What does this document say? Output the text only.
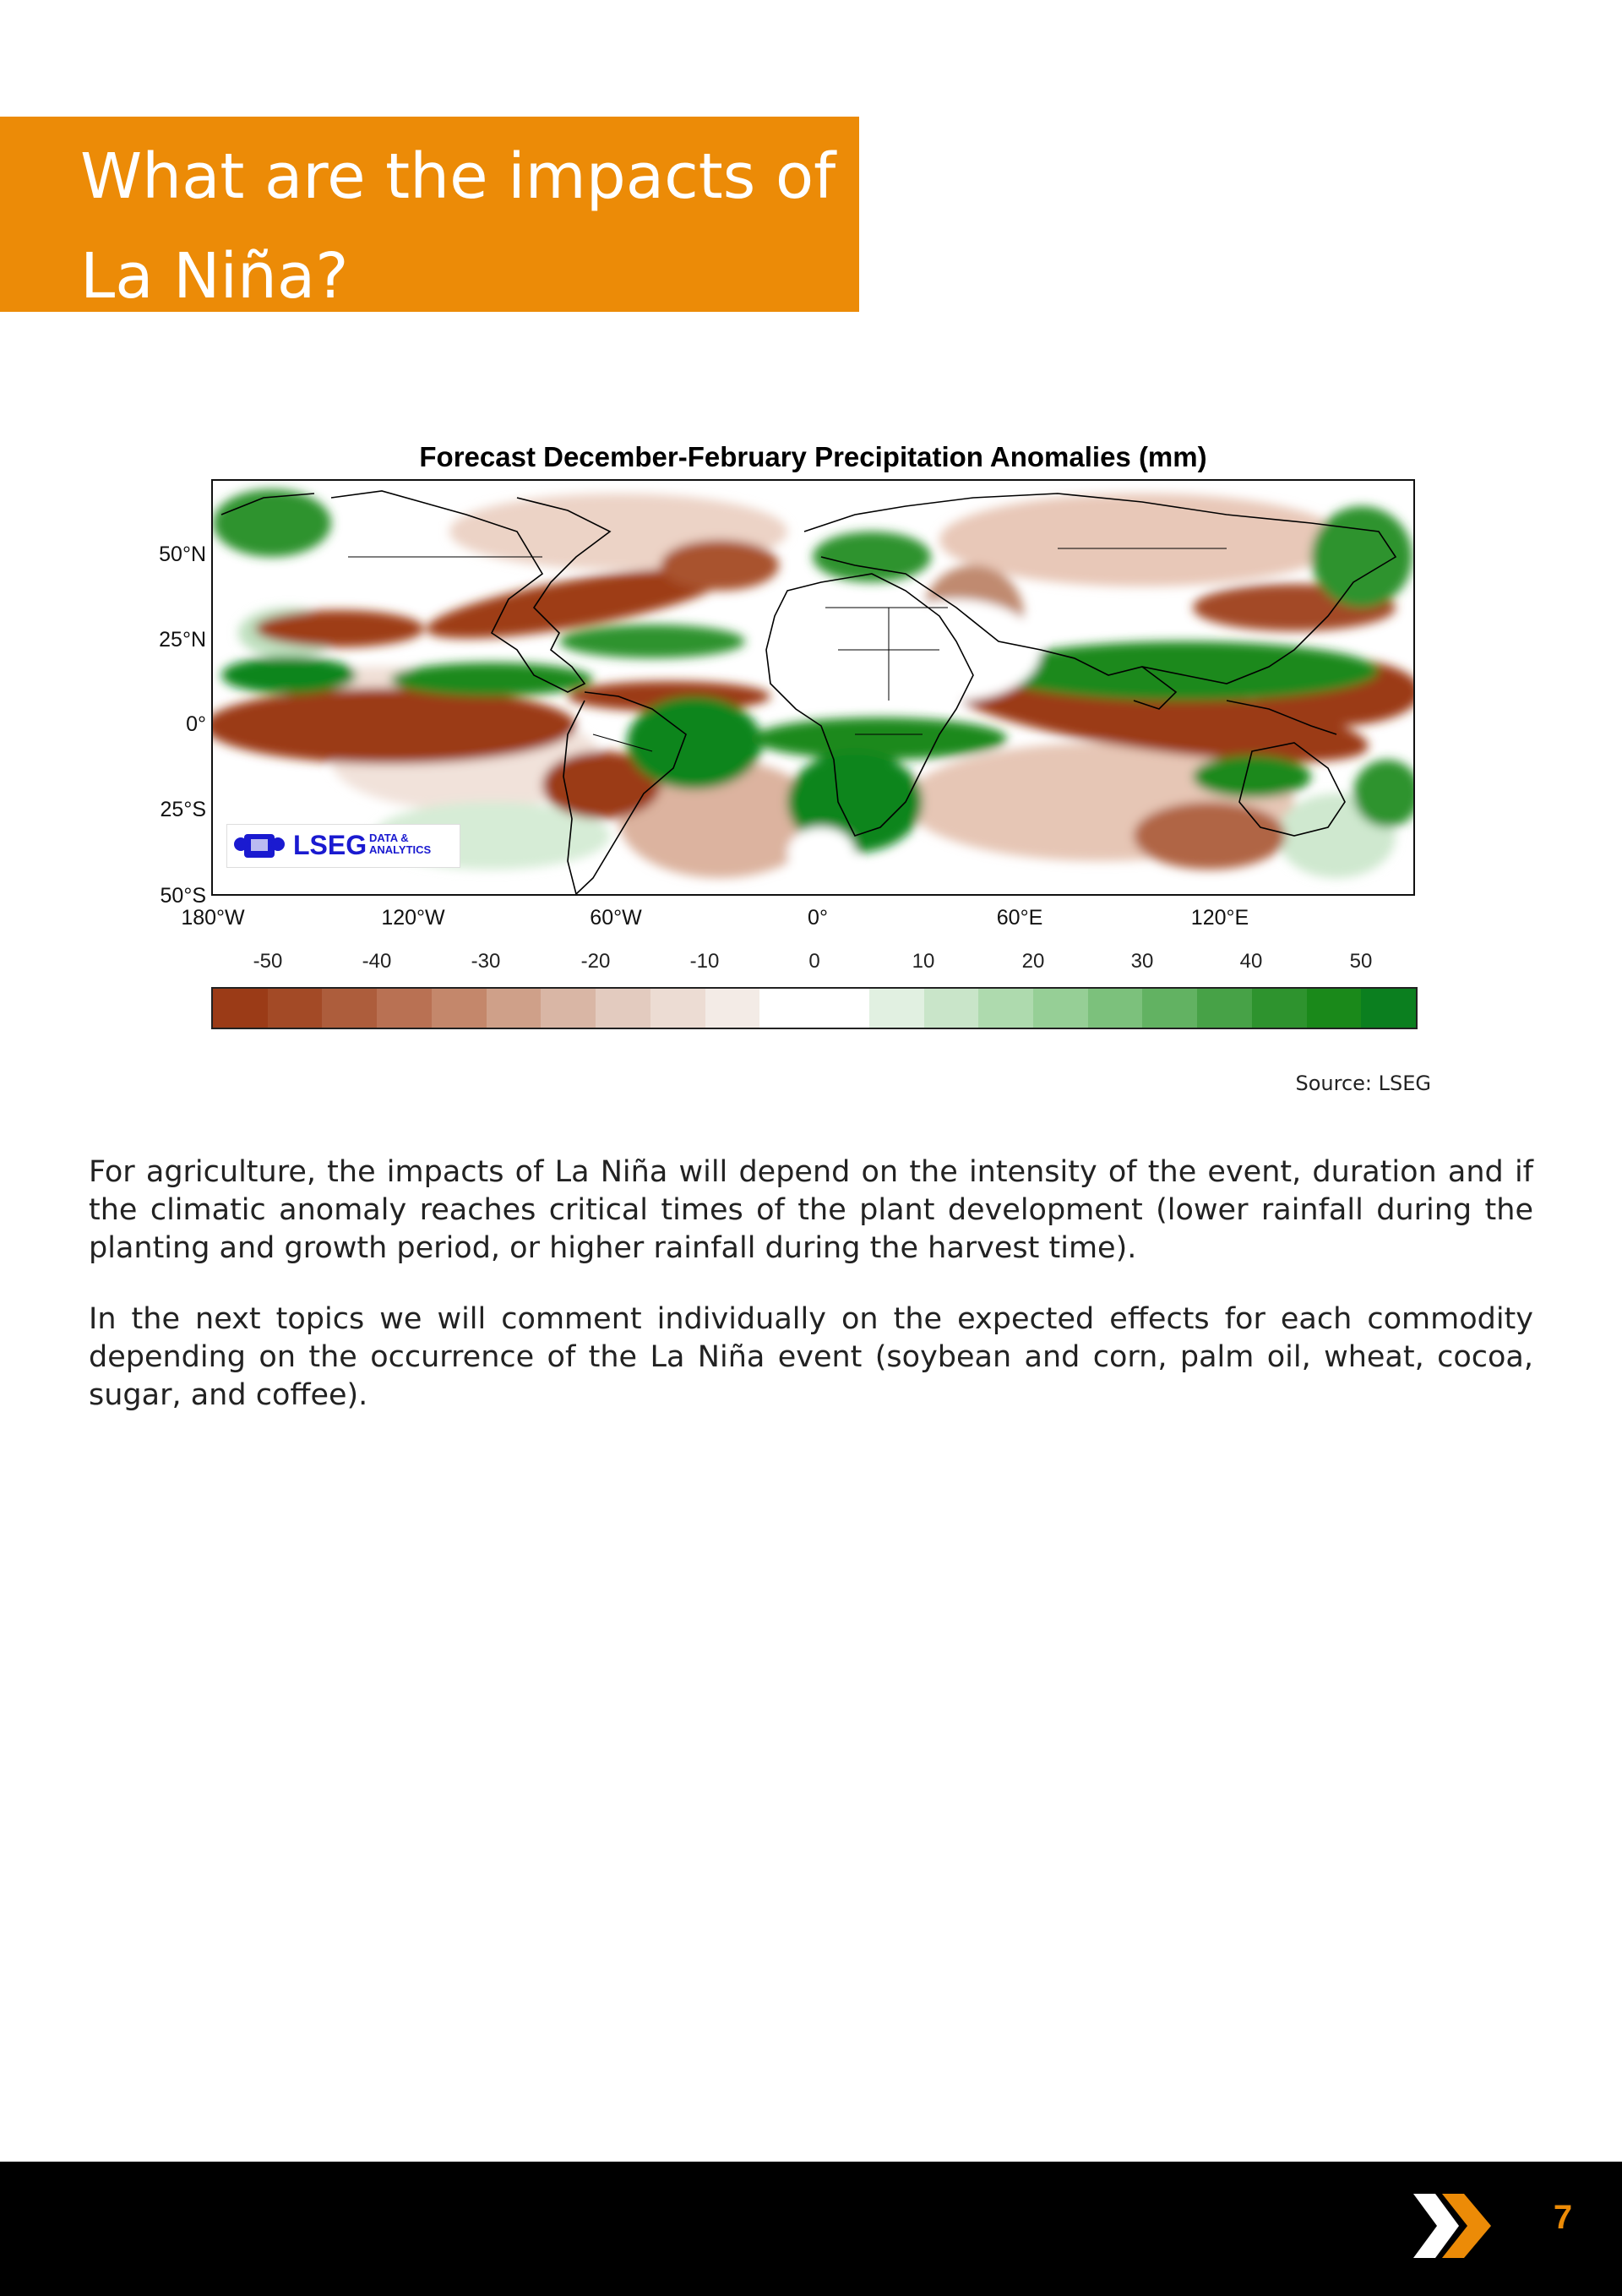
What are the impacts of La Niña?
Forecast December-February Precipitation Anomalies (mm)
50°N
25°N
0°
25°S
50°S
180°W	120°W	60°W	0°	60°E	120°E
LSEG DATA &
ANALYTICS
-50	-40	-30	-20	-10	0	10	20	30	40	50
Source: LSEG

For agriculture, the impacts of La Niña will depend on the intensity of the event, duration and if the climatic anomaly reaches critical times of the plant development (lower rainfall during the planting and growth period, or higher rainfall during the harvest time).

In the next topics we will comment individually on the expected effects for each commodity depending on the occurrence of the La Niña event (soybean and corn, palm oil, wheat, cocoa, sugar, and coffee).

7
